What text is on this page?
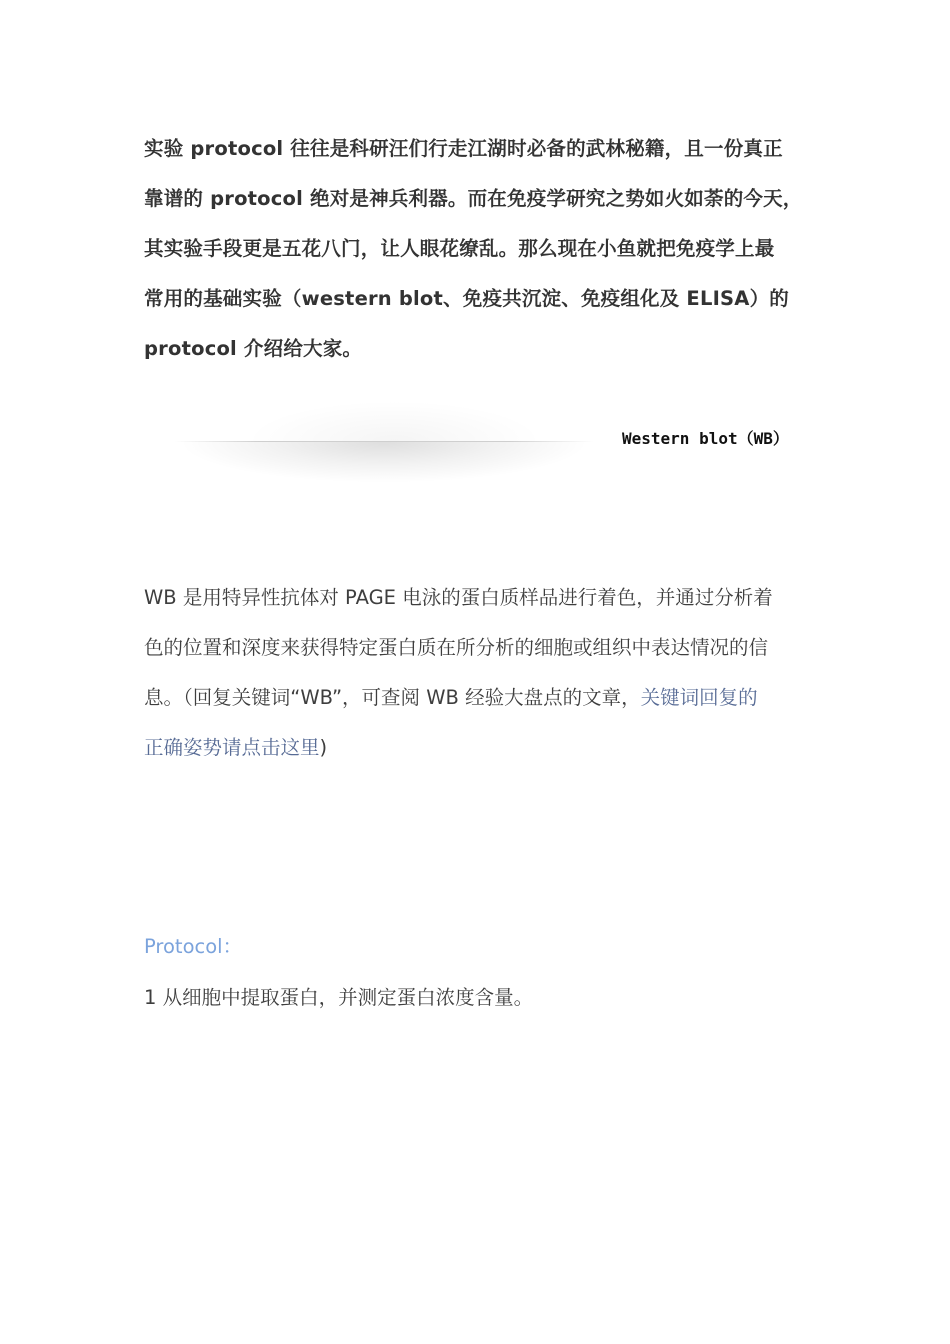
实验 protocol 往往是科研汪们行走江湖时必备的武林秘籍，且一份真正
靠谱的 protocol 绝对是神兵利器。而在免疫学研究之势如火如荼的今天，
其实验手段更是五花八门，让人眼花缭乱。那么现在小鱼就把免疫学上最
常用的基础实验（western blot、免疫共沉淀、免疫组化及 ELISA）的
protocol 介绍给大家。

Western blot（WB）

WB 是用特异性抗体对 PAGE 电泳的蛋白质样品进行着色，并通过分析着
色的位置和深度来获得特定蛋白质在所分析的细胞或组织中表达情况的信
息。（回复关键词“WB”，可查阅 WB 经验大盘点的文章，关键词回复的
正确姿势请点击这里)

Protocol：

1 从细胞中提取蛋白，并测定蛋白浓度含量。
